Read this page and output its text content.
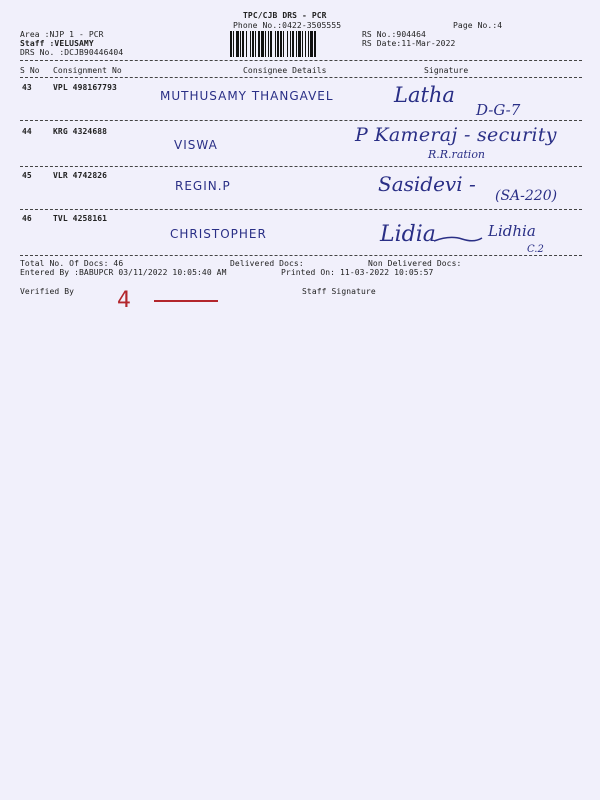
TPC/CJB DRS - PCR
Phone No.:0422-3505555	Page No.:4
Area :NJP 1 - PCR
Staff :VELUSAMY
DRS No. :DCJB90446404
RS No.:904464
RS Date:11-Mar-2022
S No Consignment No	Consignee Details	Signature
43	VPL 498167793
MUTHUSAMY THANGAVEL	Latha
D-G-7
44	KRG 4324688
VISWA	P Kameraj - security
R.R.ration
45	VLR 4742826
REGIN.P	Sasidevi - (SA-220)
46	TVL 4258161
CHRISTOPHER	Lidia	Lidhia
C.2
Total No. Of Docs: 46	Delivered Docs:	Non Delivered Docs:
Entered By :BABUPCR 03/11/2022 10:05:40 AM	Printed On: 11-03-2022 10:05:57
Verified By	Staff Signature
4
